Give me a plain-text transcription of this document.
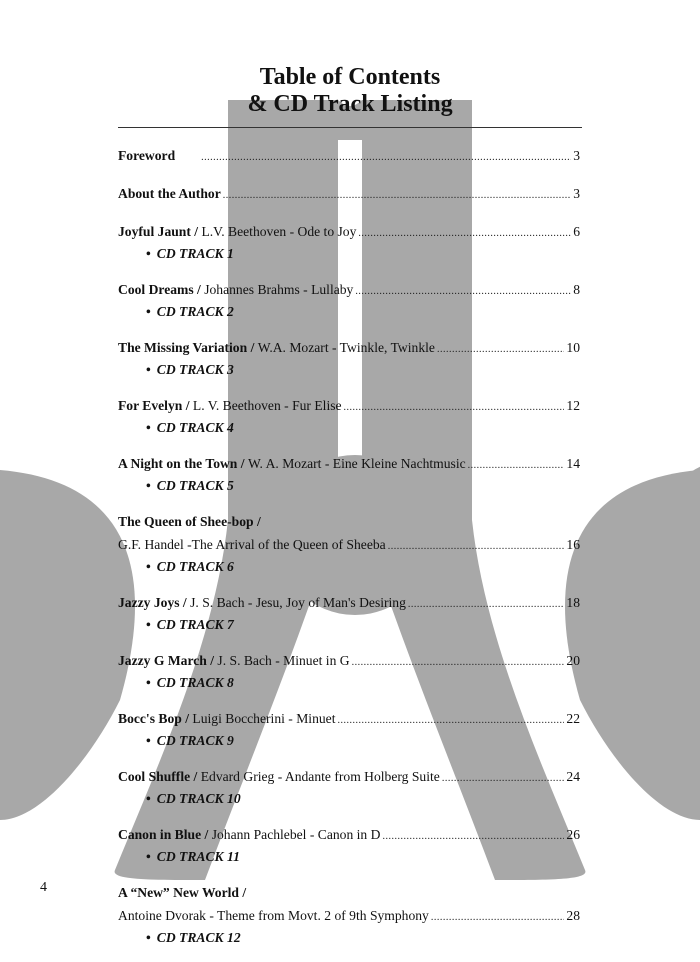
Table of Contents
& CD Track Listing
Foreword .....	3
About the Author .....	3
Joyful Jaunt /
L.V. Beethoven - Ode to Joy .....	6
• CD TRACK 1
Cool Dreams /
Johannes Brahms - Lullaby .....	8
• CD TRACK 2
The Missing Variation /
W.A. Mozart - Twinkle, Twinkle .....	10
• CD TRACK 3
For Evelyn /
L. V. Beethoven - Fur Elise .....	12
• CD TRACK 4
A Night on the Town /
W. A. Mozart - Eine Kleine Nachtmusic .....	14
• CD TRACK 5
The Queen of Shee-bop /
G.F. Handel -The Arrival of the Queen of Sheeba .....	16
• CD TRACK 6
Jazzy Joys /
J. S. Bach - Jesu, Joy of Man's Desiring .....	18
• CD TRACK 7
Jazzy G March /
J. S. Bach - Minuet in G .....	20
• CD TRACK 8
Bocc's Bop /
Luigi Boccherini - Minuet .....	22
• CD TRACK 9
Cool Shuffle /
Edvard Grieg - Andante from Holberg Suite .....	24
• CD TRACK 10
Canon in Blue /
Johann Pachlebel - Canon in D .....	26
• CD TRACK 11
A “New” New World /
Antoine Dvorak - Theme from Movt. 2 of 9th Symphony .....	28
• CD TRACK 12
4
